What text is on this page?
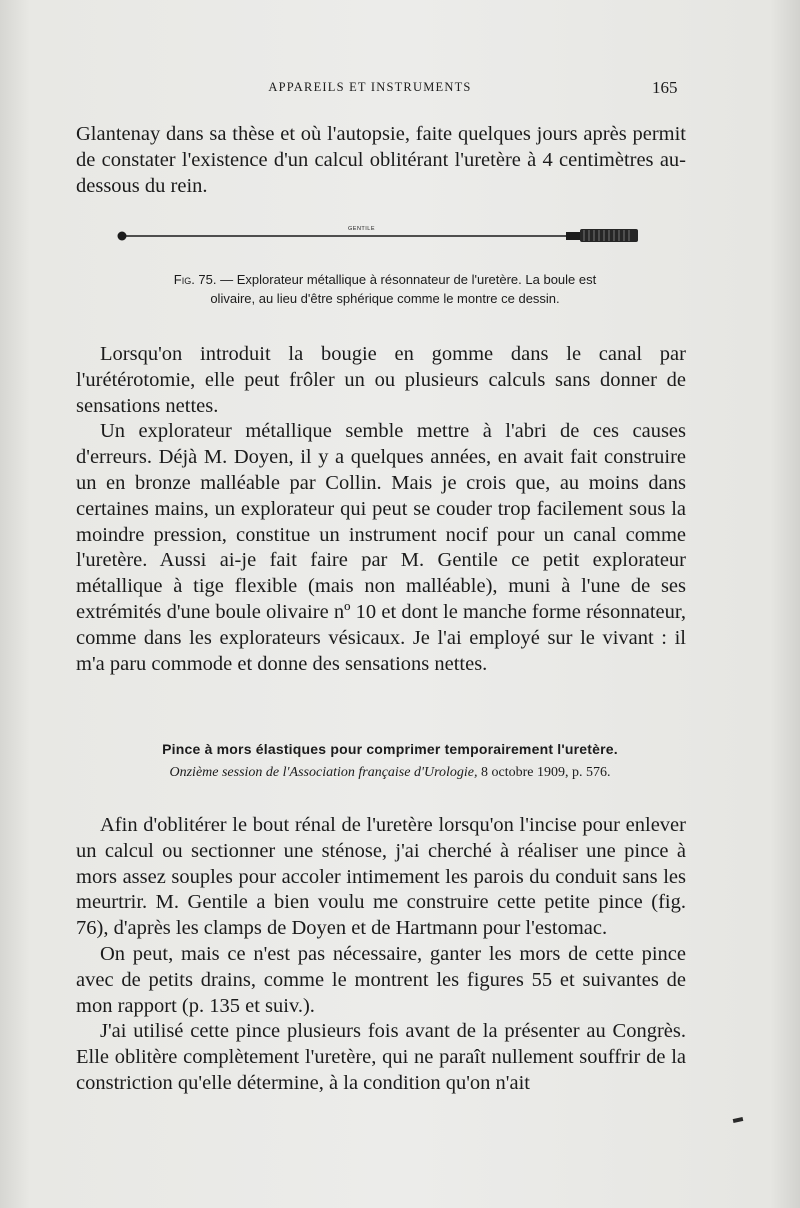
APPAREILS ET INSTRUMENTS	165

Glantenay dans sa thèse et où l'autopsie, faite quelques jours après permit de constater l'existence d'un calcul oblitérant l'uretère à 4 centimètres au-dessous du rein.

GENTILE
Fig. 75. — Explorateur métallique à résonnateur de l'uretère. La boule est olivaire, au lieu d'être sphérique comme le montre ce dessin.

Lorsqu'on introduit la bougie en gomme dans le canal par l'urétérotomie, elle peut frôler un ou plusieurs calculs sans donner de sensations nettes.

Un explorateur métallique semble mettre à l'abri de ces causes d'erreurs. Déjà M. Doyen, il y a quelques années, en avait fait construire un en bronze malléable par Collin. Mais je crois que, au moins dans certaines mains, un explorateur qui peut se couder trop facilement sous la moindre pression, constitue un instrument nocif pour un canal comme l'uretère. Aussi ai-je fait faire par M. Gentile ce petit explorateur métallique à tige flexible (mais non malléable), muni à l'une de ses extrémités d'une boule olivaire nº 10 et dont le manche forme résonnateur, comme dans les explorateurs vésicaux. Je l'ai employé sur le vivant : il m'a paru commode et donne des sensations nettes.

Pince à mors élastiques pour comprimer temporairement l'uretère.
Onzième session de l'Association française d'Urologie, 8 octobre 1909, p. 576.

Afin d'oblitérer le bout rénal de l'uretère lorsqu'on l'incise pour enlever un calcul ou sectionner une sténose, j'ai cherché à réaliser une pince à mors assez souples pour accoler intimement les parois du conduit sans les meurtrir. M. Gentile a bien voulu me construire cette petite pince (fig. 76), d'après les clamps de Doyen et de Hartmann pour l'estomac.

On peut, mais ce n'est pas nécessaire, ganter les mors de cette pince avec de petits drains, comme le montrent les figures 55 et suivantes de mon rapport (p. 135 et suiv.).

J'ai utilisé cette pince plusieurs fois avant de la présenter au Congrès. Elle oblitère complètement l'uretère, qui ne paraît nullement souffrir de la constriction qu'elle détermine, à la condition qu'on n'ait
